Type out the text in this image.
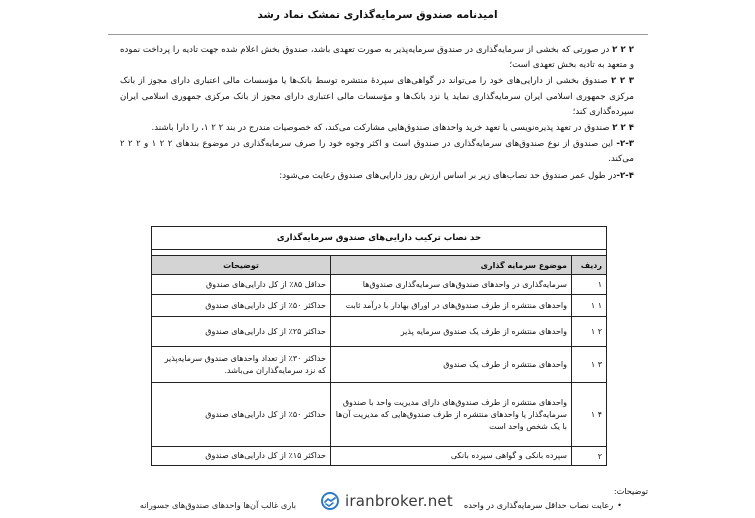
امیدنامه صندوق سرمایه‌گذاری تمشک نماد رشد

۲ ۲ ۲ در صورتی که بخشی از سرمایه‌گذاری در صندوق سرمایه‌پذیر به صورت تعهدی باشد، صندوق بخش اعلام شده جهت تادیه را پرداخت نموده و متعهد به تادیه بخش تعهدی است؛

۳ ۲ ۲ صندوق بخشی از دارایی‌های خود را می‌تواند در گواهی‌های سپردهٔ منتشره توسط بانک‌ها یا مؤسسات مالی اعتباری دارای مجوز از بانک مرکزی جمهوری اسلامی ایران سرمایه‌گذاری نماید یا نزد بانک‌ها و مؤسسات مالی اعتباری دارای مجوز از بانک مرکزی جمهوری اسلامی ایران سپرده‌گذاری کند؛

۴ ۲ ۲ صندوق در تعهد پذیره‌نویسی یا تعهد خرید واحدهای صندوق‌هایی مشارکت می‌کند، که خصوصیات مندرج در بند ۲ ۲ ۱، را دارا باشند.

۲-۳- این صندوق از نوع صندوق‌های سرمایه‌گذاری در صندوق است و اکثر وجوه خود را صرف سرمایه‌گذاری در موضوع بندهای ۲ ۲ ۱ و ۲ ۲ ۲ می‌کند.

۲-۴-در طول عمر صندوق حد نصاب‌های زیر بر اساس ارزش روز دارایی‌های صندوق رعایت می‌شود:

حد نصاب ترکیب دارایی‌های صندوق سرمایه‌گذاری		

ردیف	موضوع سرمایه گذاری	توضیحات
۱	سرمایه‌گذاری در واحدهای صندوق‌های سرمایه‌گذاری صندوق‌ها	حداقل ۸۵٪ از کل دارایی‌های صندوق
۱ ۱	واحدهای منتشره از طرف صندوق‌های در اوراق بهادار با درآمد ثابت	حداکثر ۵۰٪ از کل دارایی‌های صندوق
۲ ۱	واحدهای منتشره از طرف یک صندوق سرمایه پذیر	حداکثر ۲۵٪ از کل دارایی‌های صندوق
۳ ۱	واحدهای منتشره از طرف یک صندوق	حداکثر ۳۰٪ از تعداد واحدهای صندوق سرمایه‌پذیر که نزد سرمایه‌گذاران می‌باشد.
۴ ۱	واحدهای منتشره از طرف صندوق‌های دارای مدیریت واحد با صندوق سرمایه‌گذار یا واحدهای منتشره از طرف صندوق‌هایی که مدیریت آن‌ها با یک شخص واحد است	حداکثر ۵۰٪ از کل دارایی‌های صندوق
۲	سپرده بانکی و گواهی سپرده بانکی	حداکثر ۱۵٪ از کل دارایی‌های صندوق
توضیحات:
•رعایت نصاب حداقل سرمایه‌گذاری در واحده
باری غالب آن‌ها واحدهای صندوق‌های جسورانه	iranbroker.net
